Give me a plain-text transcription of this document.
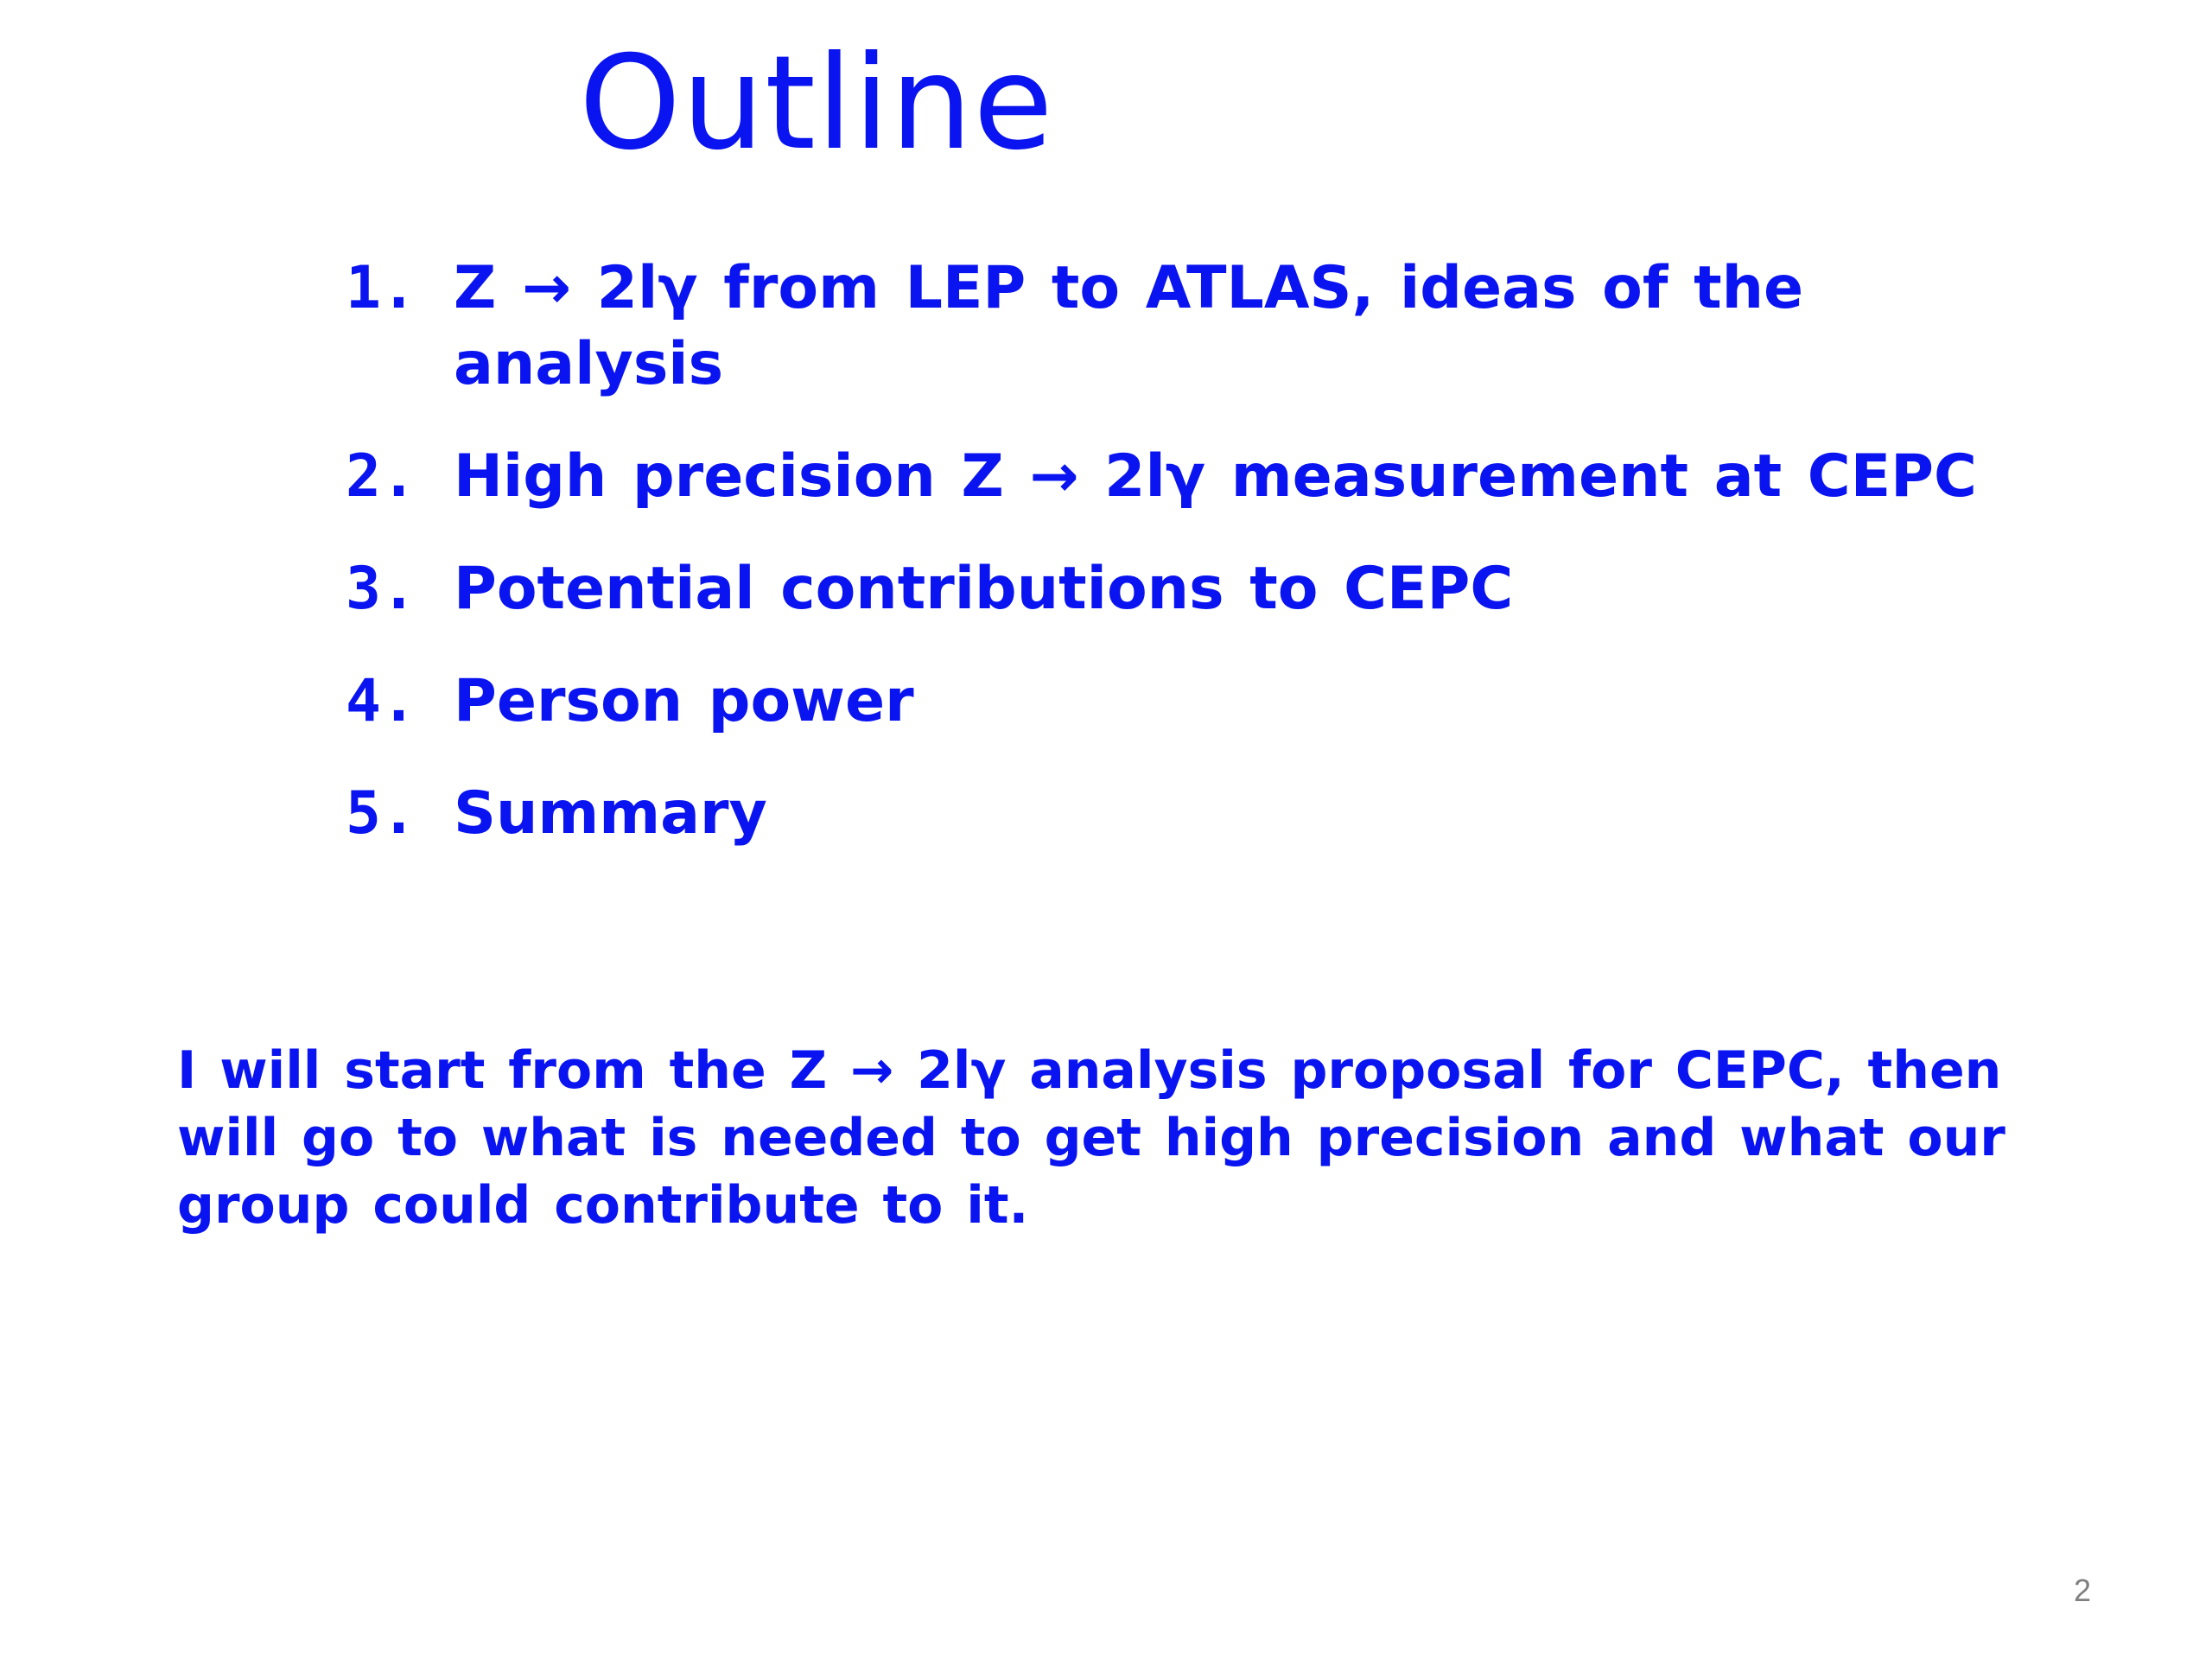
Outline
1. Z → 2lγ from LEP to ATLAS, ideas of the analysis
2. High precision Z → 2lγ measurement at CEPC
3. Potential contributions to CEPC
4. Person power
5. Summary
I will start from the Z → 2lγ analysis proposal for CEPC, then will go to what is needed to get high precision and what our group could contribute to it.
2
